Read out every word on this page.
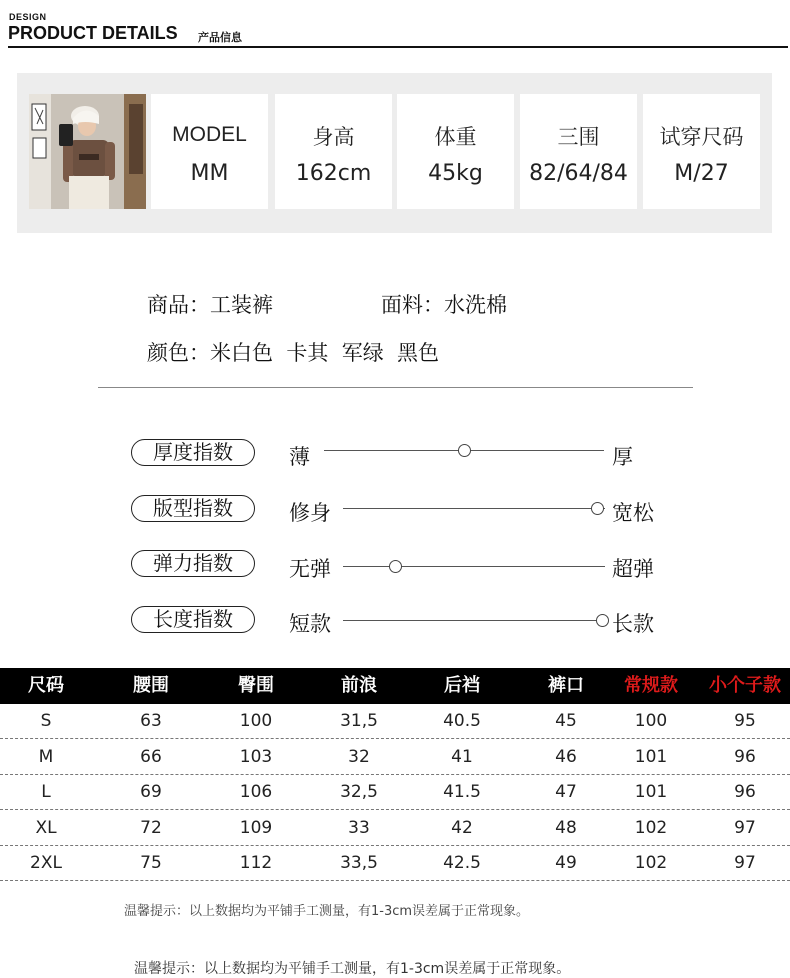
DESIGN
PRODUCT DETAILS 产品信息
MODEL
MM
身高
162cm
体重
45kg
三围
82/64/84
试穿尺码
M/27
商品：工装裤	面料：水洗棉
颜色：米白色  卡其  军绿  黑色
厚度指数	薄	厚
版型指数	修身	宽松
弹力指数	无弹	超弹
长度指数	短款	长款
尺码	腰围	臀围	前浪	后裆	裤口	常规款	小个子款
S	63	100	31,5	40.5	45	100	95
M	66	103	32	41	46	101	96
L	69	106	32,5	41.5	47	101	96
XL	72	109	33	42	48	102	97
2XL	75	112	33,5	42.5	49	102	97
温馨提示：以上数据均为平铺手工测量，有1-3cm误差属于正常现象。
温馨提示：以上数据均为平铺手工测量，有1-3cm误差属于正常现象。
